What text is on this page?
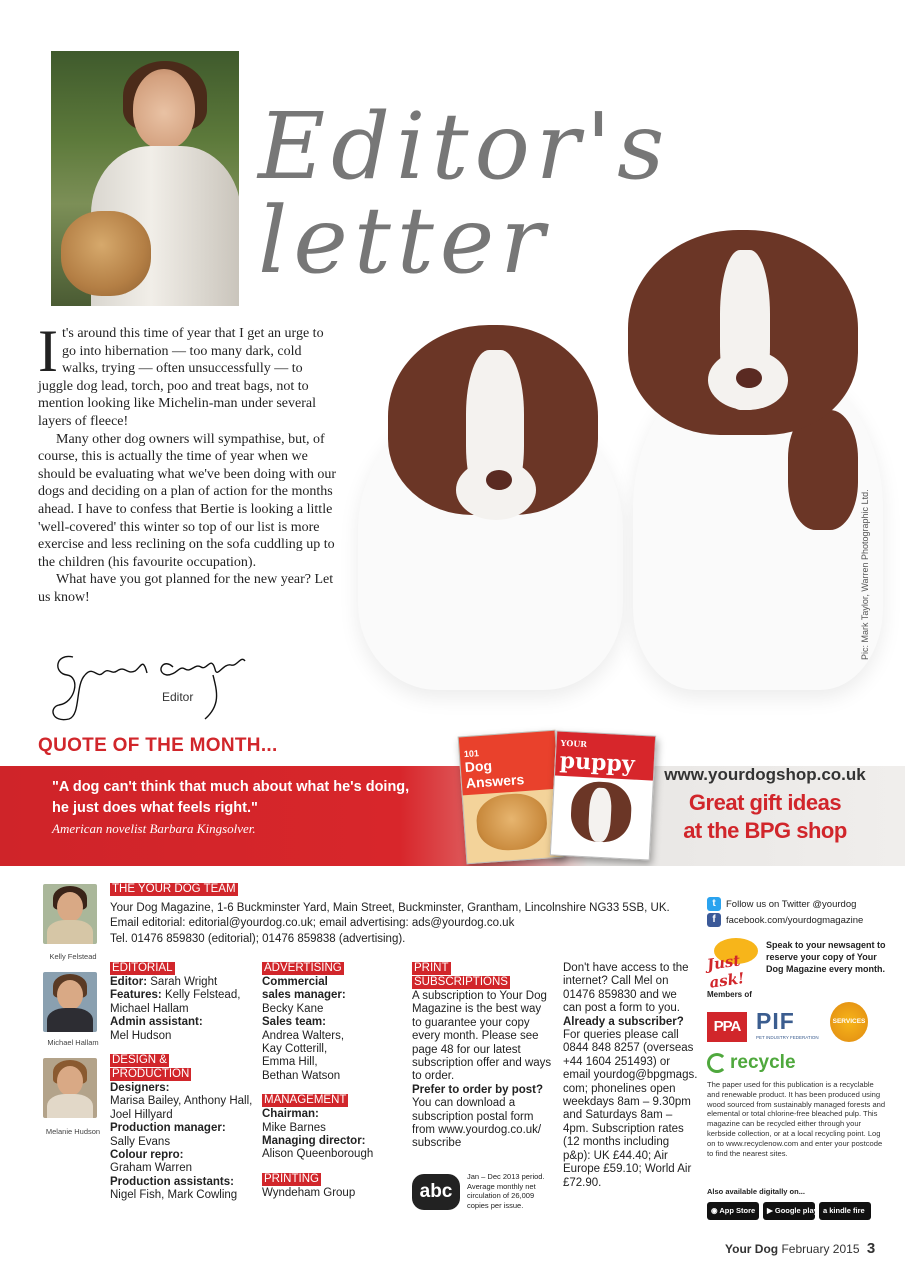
Editor's
letter
Pic: Mark Taylor, Warren Photographic Ltd.

It's around this time of year that I get an urge to go into hibernation — too many dark, cold walks, trying — often unsuccessfully — to juggle dog lead, torch, poo and treat bags, not to mention looking like Michelin-man under several layers of fleece!

Many other dog owners will sympathise, but, of course, this is actually the time of year when we should be evaluating what we've been doing with our dogs and deciding on a plan of action for the months ahead. I have to confess that Bertie is looking a little 'well-covered' this winter so top of our list is more exercise and less reclining on the sofa cuddling up to the children (his favourite occupation).

What have you got planned for the new year? Let us know!

Editor
QUOTE OF THE MONTH...
"A dog can't think that much about what he's doing,
he just does what feels right."
American novelist Barbara Kingsolver.
101
Dog Answers
YOUR
puppy	www.yourdogshop.co.uk
Great gift ideas
at the BPG shop
Kelly Felstead
Michael Hallam
Melanie Hudson
THE YOUR DOG TEAM
Your Dog Magazine, 1-6 Buckminster Yard, Main Street, Buckminster, Grantham, Lincolnshire NG33 5SB, UK.
Email editorial: editorial@yourdog.co.uk; email advertising: ads@yourdog.co.uk
Tel. 01476 859830 (editorial); 01476 859838 (advertising).
EDITORIAL
Editor: Sarah Wright
Features: Kelly Felstead, Michael Hallam
Admin assistant:
Mel Hudson
DESIGN &
PRODUCTION
Designers:
Marisa Bailey, Anthony Hall, Joel Hillyard
Production manager:
Sally Evans
Colour repro:
Graham Warren
Production assistants:
Nigel Fish, Mark Cowling
ADVERTISING
Commercial
sales manager:
Becky Kane
Sales team:
Andrea Walters,
Kay Cotterill,
Emma Hill,
Bethan Watson
MANAGEMENT
Chairman:
Mike Barnes
Managing director:
Alison Queenborough
PRINTING
Wyndeham Group
PRINT
SUBSCRIPTIONS
A subscription to Your Dog Magazine is the best way to guarantee your copy every month. Please see page 48 for our latest subscription offer and ways to order.
Prefer to order by post?
You can download a subscription postal form from www.yourdog.co.uk/ subscribe
abc
Jan – Dec 2013 period. Average monthly net circulation of 26,009 copies per issue.
Don't have access to the internet? Call Mel on 01476 859830 and we can post a form to you.
Already a subscriber?
For queries please call 0844 848 8257 (overseas +44 1604 251493) or email yourdog@bpgmags. com; phonelines open weekdays 8am – 9.30pm and Saturdays 8am – 4pm. Subscription rates (12 months including p&p): UK £44.40; Air Europe £59.10; World Air £72.90.
t	Follow us on Twitter @yourdog
f	facebook.com/yourdogmagazine
Just ask!
Speak to your newsagent to reserve your copy of Your Dog Magazine every month.
Members of
PPA PIF
PET INDUSTRY FEDERATION
SERVICES
recycle
The paper used for this publication is a recyclable and renewable product. It has been produced using wood sourced from sustainably managed forests and elemental or total chlorine-free bleached pulp. This magazine can be recycled either through your kerbside collection, or at a local recycling point. Log on to www.recyclenow.com and enter your postcode to find the nearest sites.
Also available digitally on...
◉ App Store	▶ Google play a kindle fire
Your Dog February 2015 3
